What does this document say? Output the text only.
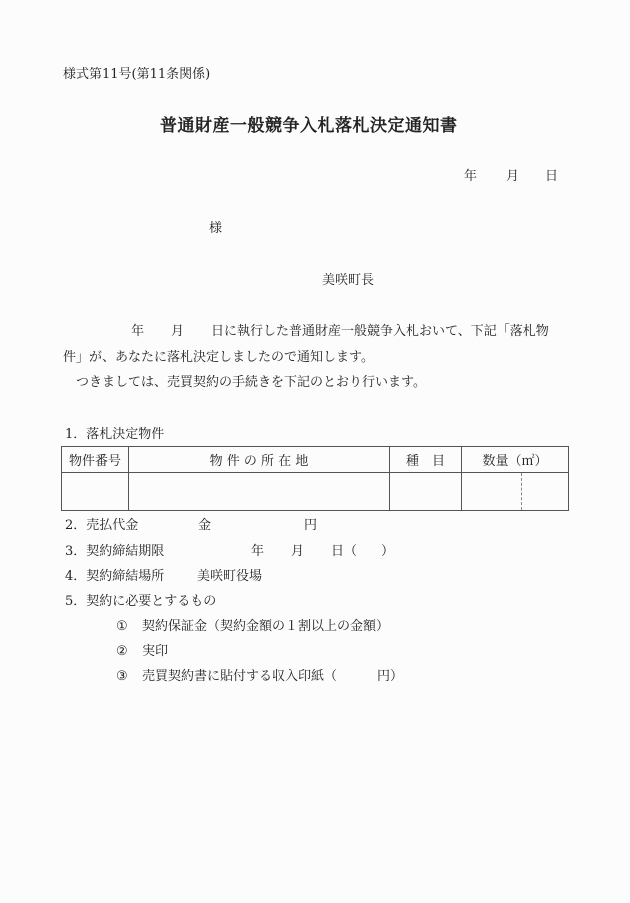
様式第11号(第11条関係)
普通財産一般競争入札落札決定通知書
年 月 日
様
美咲町長
年 月 日に執行した普通財産一般競争入札おいて、下記「落札物
件」が、あなたに落札決定しましたので通知します。
つきましては、売買契約の手続きを下記のとおり行います。
1．落札決定物件
物件番号	物 件 の 所 在 地	種　目	数量（㎡）

2．売払代金	金	円
3．契約締結期限	年 月 日（ ）
4．契約締結場所	美咲町役場
5．契約に必要とするもの
① 契約保証金（契約金額の１割以上の金額）
② 実印
③ 売買契約書に貼付する収入印紙（	円）
